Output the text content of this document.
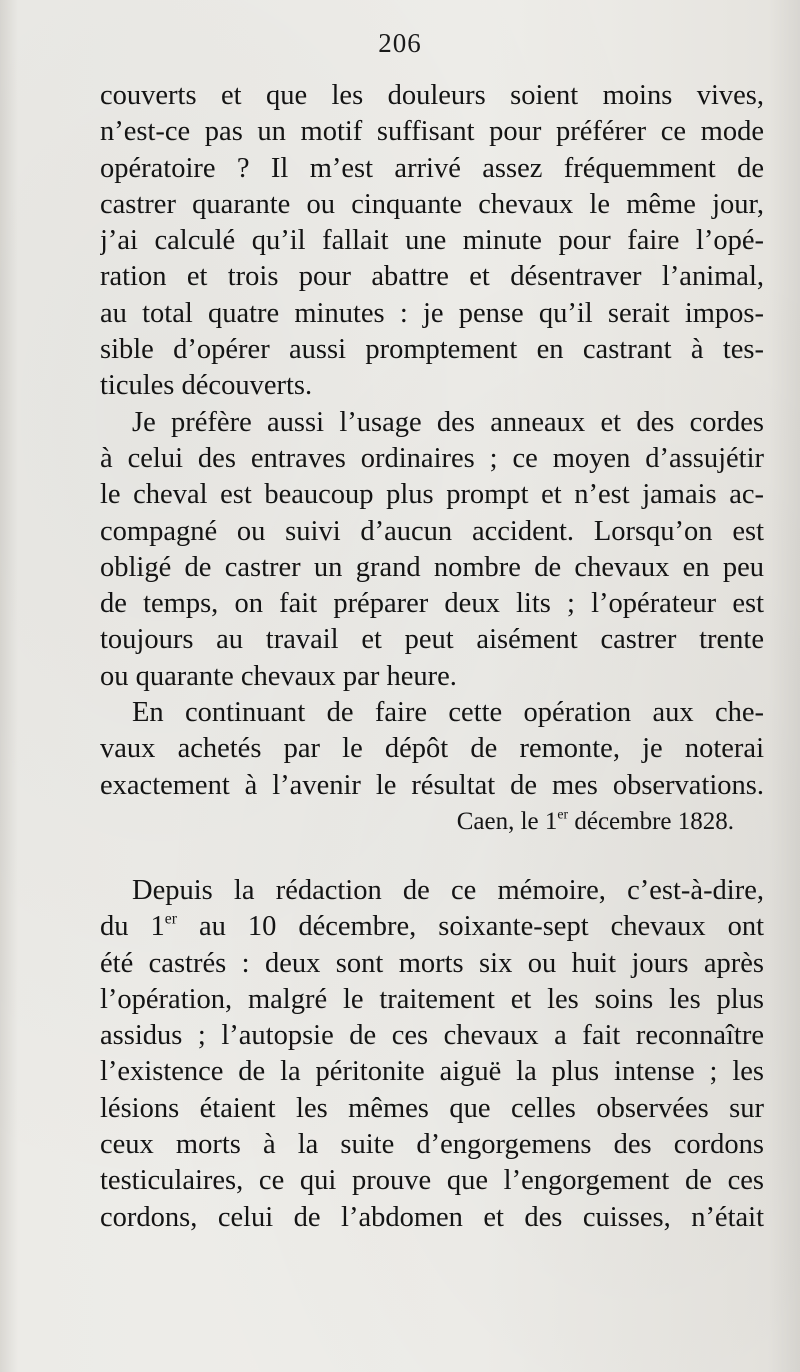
206
couverts et que les douleurs soient moins vives,
n’est-ce pas un motif suffisant pour préférer ce mode
opératoire ? Il m’est arrivé assez fréquemment de
castrer quarante ou cinquante chevaux le même jour,
j’ai calculé qu’il fallait une minute pour faire l’opé-
ration et trois pour abattre et désentraver l’animal,
au total quatre minutes : je pense qu’il serait impos-
sible d’opérer aussi promptement en castrant à tes-
ticules découverts.
Je préfère aussi l’usage des anneaux et des cordes
à celui des entraves ordinaires ; ce moyen d’assujétir
le cheval est beaucoup plus prompt et n’est jamais ac-
compagné ou suivi d’aucun accident. Lorsqu’on est
obligé de castrer un grand nombre de chevaux en peu
de temps, on fait préparer deux lits ; l’opérateur est
toujours au travail et peut aisément castrer trente
ou quarante chevaux par heure.
En continuant de faire cette opération aux che-
vaux achetés par le dépôt de remonte, je noterai
exactement à l’avenir le résultat de mes observations.
Caen, le 1er décembre 1828.
Depuis la rédaction de ce mémoire, c’est-à-dire,
du 1er au 10 décembre, soixante-sept chevaux ont
été castrés : deux sont morts six ou huit jours après
l’opération, malgré le traitement et les soins les plus
assidus ; l’autopsie de ces chevaux a fait reconnaître
l’existence de la péritonite aiguë la plus intense ; les
lésions étaient les mêmes que celles observées sur
ceux morts à la suite d’engorgemens des cordons
testiculaires, ce qui prouve que l’engorgement de ces
cordons, celui de l’abdomen et des cuisses, n’était
